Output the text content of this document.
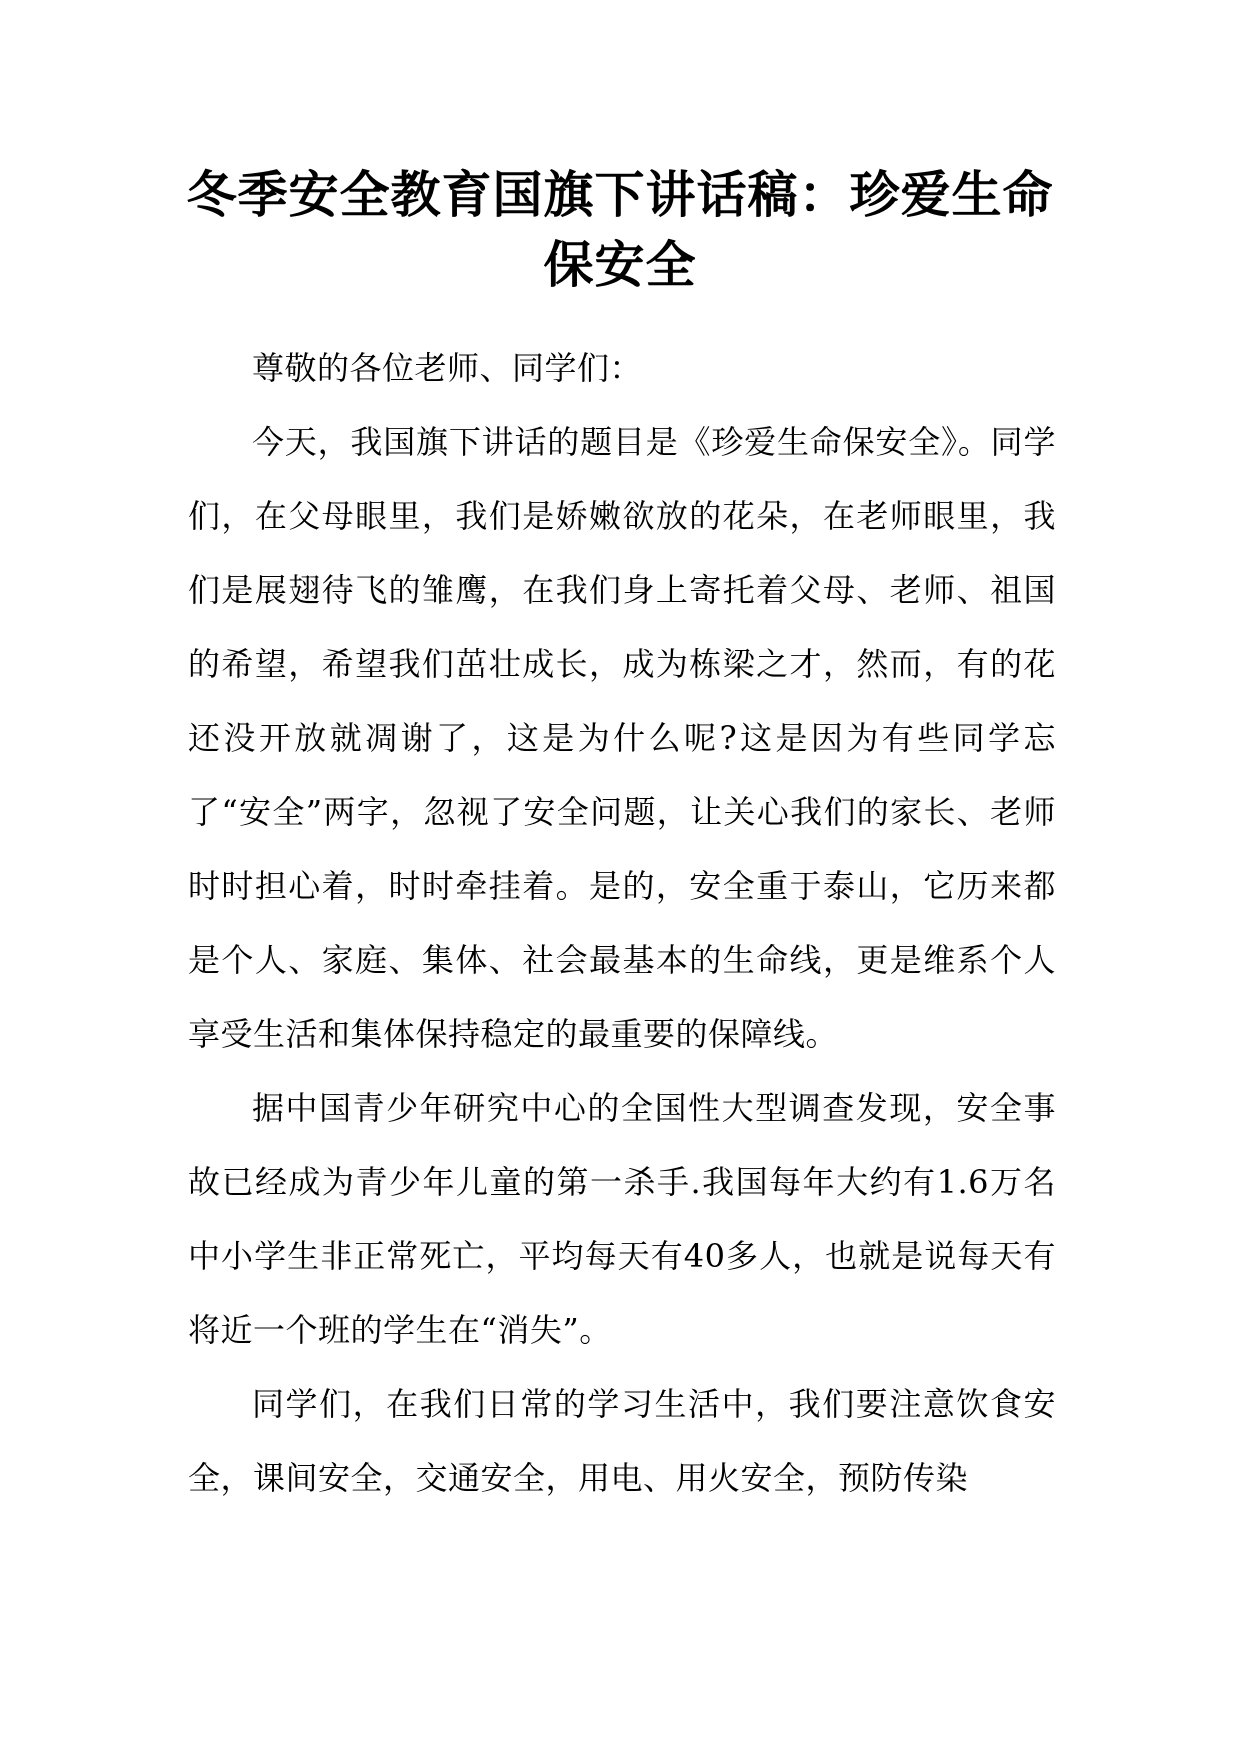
冬季安全教育国旗下讲话稿：珍爱生命
保安全

尊敬的各位老师、同学们：

今天，我国旗下讲话的题目是《珍爱生命保安全》。同学们，在父母眼里，我们是娇嫩欲放的花朵，在老师眼里，我们是展翅待飞的雏鹰，在我们身上寄托着父母、老师、祖国的希望，希望我们茁壮成长，成为栋梁之才，然而，有的花还没开放就凋谢了，这是为什么呢?这是因为有些同学忘了“安全”两字，忽视了安全问题，让关心我们的家长、老师时时担心着，时时牵挂着。是的，安全重于泰山，它历来都是个人、家庭、集体、社会最基本的生命线，更是维系个人享受生活和集体保持稳定的最重要的保障线。

据中国青少年研究中心的全国性大型调查发现，安全事故已经成为青少年儿童的第一杀手.我国每年大约有1.6万名中小学生非正常死亡，平均每天有40多人，也就是说每天有将近一个班的学生在“消失”。

同学们，在我们日常的学习生活中，我们要注意饮食安全，课间安全，交通安全，用电、用火安全，预防传染
